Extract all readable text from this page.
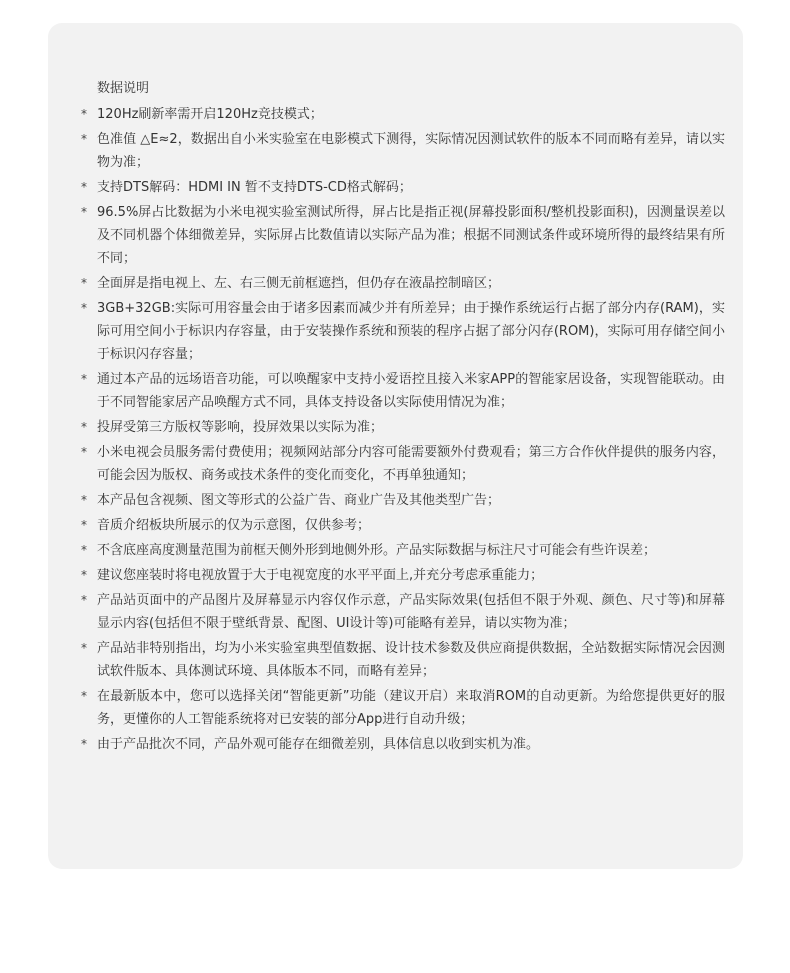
数据说明

* 120Hz刷新率需开启120Hz竞技模式；
* 色准值 △E≈2，数据出自小米实验室在电影模式下测得，实际情况因测试软件的版本不同而略有差异，请以实物为准；
* 支持DTS解码：HDMI IN 暂不支持DTS-CD格式解码；
* 96.5%屏占比数据为小米电视实验室测试所得，屏占比是指正视(屏幕投影面积/整机投影面积)，因测量误差以及不同机器个体细微差异，实际屏占比数值请以实际产品为准；根据不同测试条件或环境所得的最终结果有所不同；
* 全面屏是指电视上、左、右三侧无前框遮挡，但仍存在液晶控制暗区；
* 3GB+32GB:实际可用容量会由于诸多因素而减少并有所差异；由于操作系统运行占据了部分内存(RAM)，实际可用空间小于标识内存容量，由于安装操作系统和预装的程序占据了部分闪存(ROM)，实际可用存储空间小于标识闪存容量；
* 通过本产品的远场语音功能，可以唤醒家中支持小爱语控且接入米家APP的智能家居设备，实现智能联动。由于不同智能家居产品唤醒方式不同，具体支持设备以实际使用情况为准；
* 投屏受第三方版权等影响，投屏效果以实际为准；
* 小米电视会员服务需付费使用；视频网站部分内容可能需要额外付费观看；第三方合作伙伴提供的服务内容，可能会因为版权、商务或技术条件的变化而变化，不再单独通知；
* 本产品包含视频、图文等形式的公益广告、商业广告及其他类型广告；
* 音质介绍板块所展示的仅为示意图，仅供参考；
* 不含底座高度测量范围为前框天侧外形到地侧外形。产品实际数据与标注尺寸可能会有些许误差；
* 建议您座装时将电视放置于大于电视宽度的水平平面上,并充分考虑承重能力；
* 产品站页面中的产品图片及屏幕显示内容仅作示意，产品实际效果(包括但不限于外观、颜色、尺寸等)和屏幕显示内容(包括但不限于壁纸背景、配图、UI设计等)可能略有差异，请以实物为准；
* 产品站非特别指出，均为小米实验室典型值数据、设计技术参数及供应商提供数据，全站数据实际情况会因测试软件版本、具体测试环境、具体版本不同，而略有差异；
* 在最新版本中，您可以选择关闭“智能更新”功能（建议开启）来取消ROM的自动更新。为给您提供更好的服务，更懂你的人工智能系统将对已安装的部分App进行自动升级；
* 由于产品批次不同，产品外观可能存在细微差别，具体信息以收到实机为准。
